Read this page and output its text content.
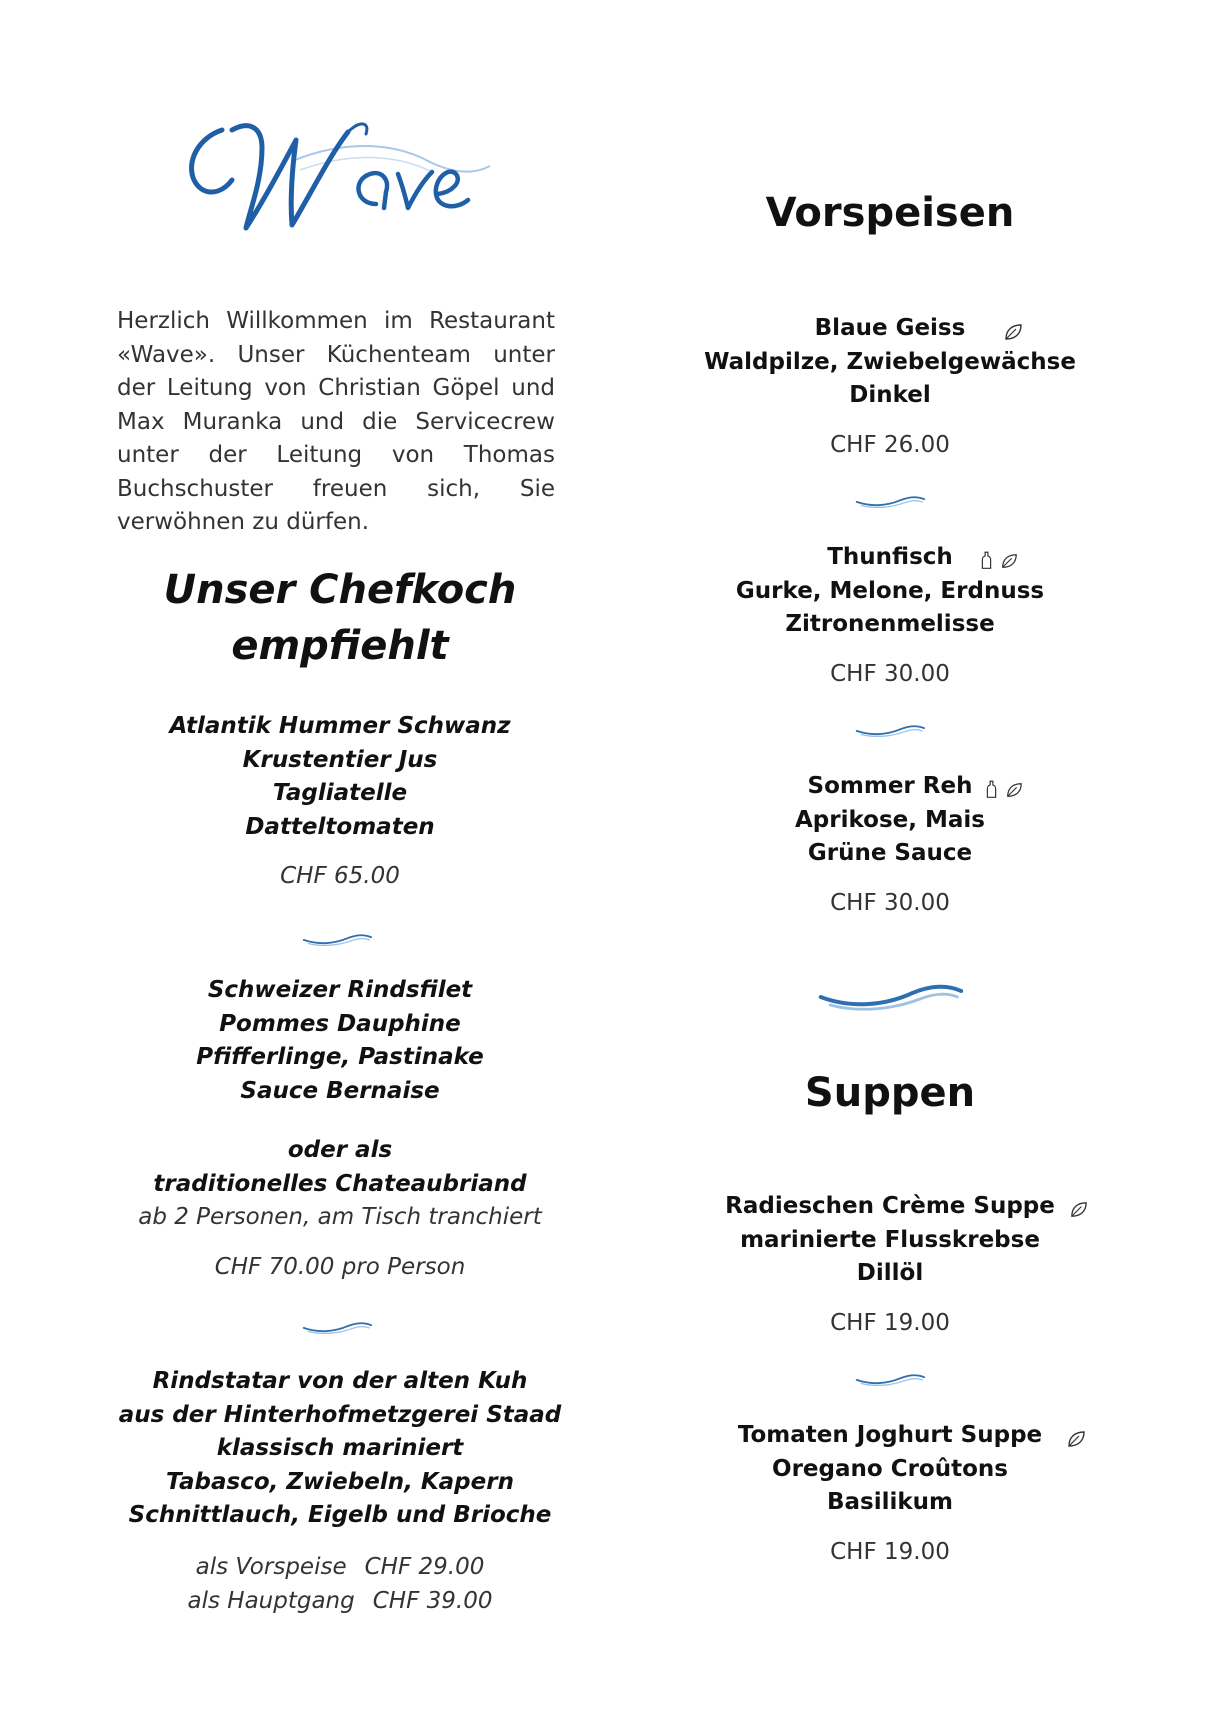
Herzlich Willkommen im Restaurant «Wave». Unser Küchenteam unter der Leitung von Christian Göpel und Max Muranka und die Servicecrew unter der Leitung von Thomas Buchschuster freuen sich, Sie verwöhnen zu dürfen.

Unser Chefkoch
empfiehlt
Atlantik Hummer Schwanz
Krustentier Jus
Tagliatelle
Datteltomaten
CHF 65.00
Schweizer Rindsfilet
Pommes Dauphine
Pfifferlinge, Pastinake
Sauce Bernaise
oder als
traditionelles Chateaubriand
ab 2 Personen, am Tisch tranchiert
CHF 70.00 pro Person
Rindstatar von der alten Kuh
aus der Hinterhofmetzgerei Staad
klassisch mariniert
Tabasco, Zwiebeln, Kapern
Schnittlauch, Eigelb und Brioche
als Vorspeise CHF 29.00
als Hauptgang CHF 39.00
Vorspeisen
Blaue Geiss
Waldpilze, Zwiebelgewächse
Dinkel
CHF 26.00
Thunfisch

Gurke, Melone, Erdnuss
Zitronenmelisse
CHF 30.00
Sommer Reh

Aprikose, Mais
Grüne Sauce
CHF 30.00
Suppen
Radieschen Crème Suppe
marinierte Flusskrebse
Dillöl
CHF 19.00
Tomaten Joghurt Suppe
Oregano Croûtons
Basilikum
CHF 19.00
